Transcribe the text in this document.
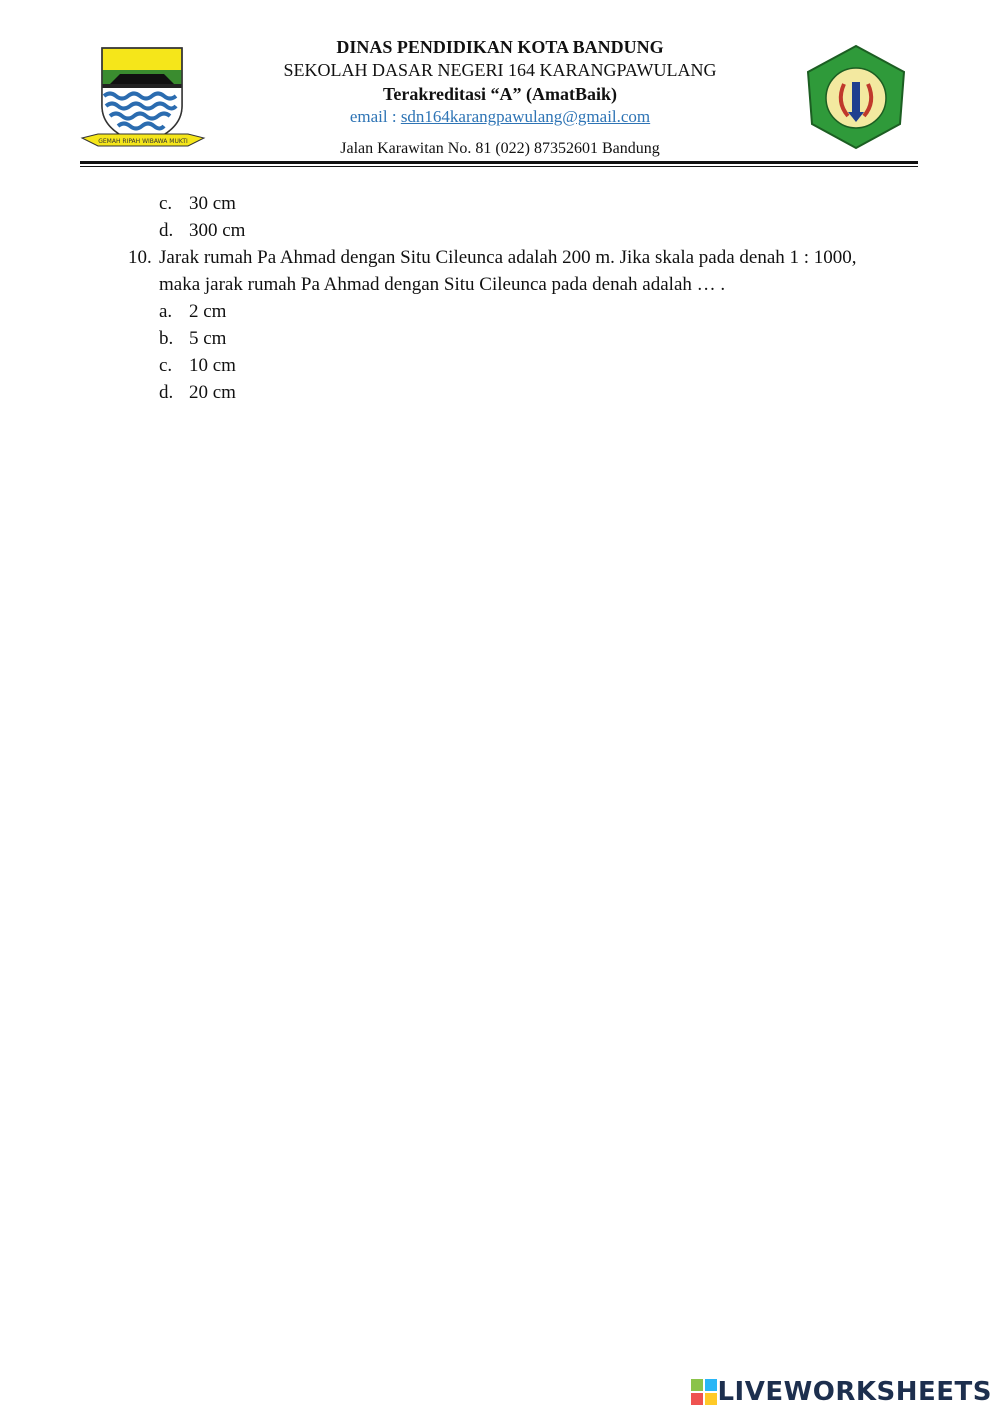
GEMAH RIPAH WIBAWA MUKTI
DINAS PENDIDIKAN KOTA BANDUNG
SEKOLAH DASAR NEGERI 164 KARANGPAWULANG
Terakreditasi “A” (AmatBaik)
email : sdn164karangpawulang@gmail.com
Jalan Karawitan No. 81 (022) 87352601 Bandung
c. 30 cm
d. 300 cm
10. Jarak rumah Pa Ahmad dengan Situ Cileunca adalah 200 m. Jika skala pada denah 1 : 1000, maka jarak rumah Pa Ahmad dengan Situ Cileunca pada denah adalah … .
a. 2 cm
b. 5 cm
c. 10 cm
d. 20 cm
LIVEWORKSHEETS
